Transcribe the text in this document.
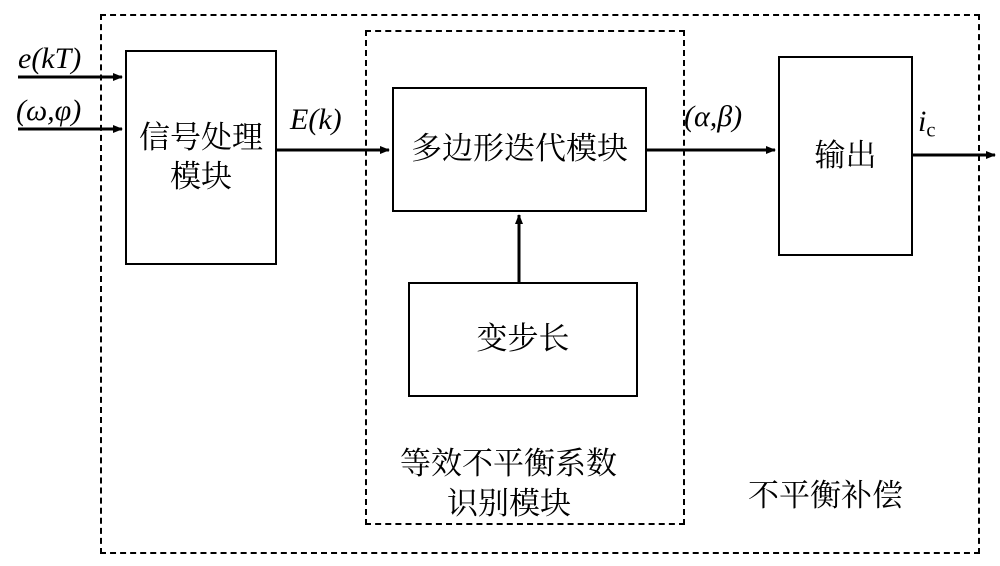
信号处理
模块
多边形迭代模块
变步长
输出
e(kT)
(ω,φ)	E(k)	(α,β)	$i_c$
等效不平衡系数
识别模块	不平衡补偿
